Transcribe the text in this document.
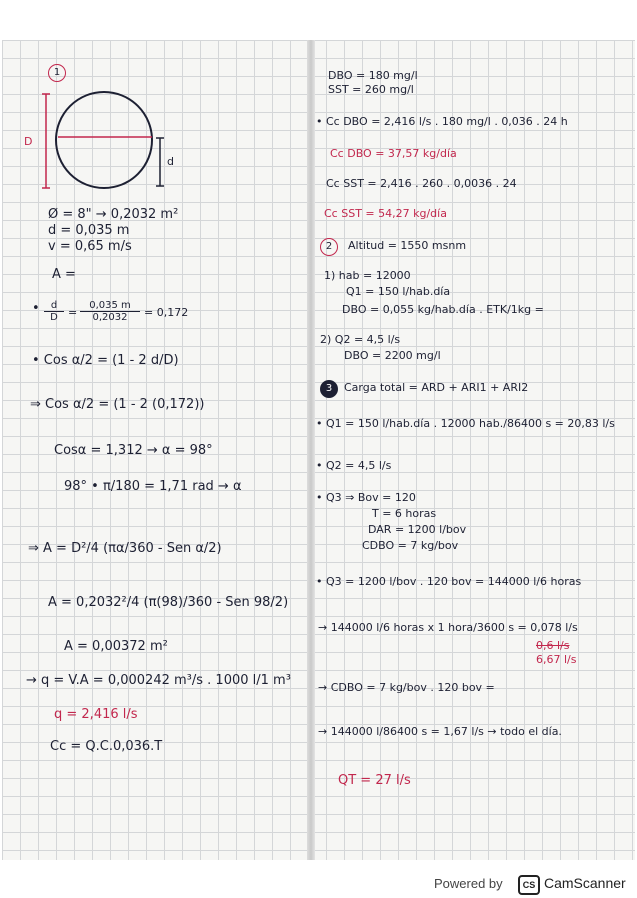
1
D
d
Ø = 8" → 0,2032 m²
d = 0,035 m
v = 0,65 m/s
A =
• $\frac{d}{D} = \frac{0,035 m}{0,2032} = 0,172$
• Cos α/2 = (1 - 2 d/D)
⇒ Cos α/2 = (1 - 2 (0,172))
Cosα = 1,312 → α = 98°
98° • π/180 = 1,71 rad → α
⇒ A = D²/4 (πα/360 - Sen α/2)
A = 0,2032²/4 (π(98)/360 - Sen 98/2)
A = 0,00372 m²
→ q = V.A = 0,000242 m³/s . 1000 l/1 m³
q = 2,416 l/s
Cc = Q.C.0,036.T
DBO = 180 mg/l
SST = 260 mg/l
• Cc DBO = 2,416 l/s . 180 mg/l . 0,036 . 24 h
Cc DBO = 37,57 kg/día
Cc SST = 2,416 . 260 . 0,0036 . 24
Cc SST = 54,27 kg/día
2	Altitud = 1550 msnm
1) hab = 12000
Q1 = 150 l/hab.día
DBO = 0,055 kg/hab.día . ETK/1kg =
2) Q2 = 4,5 l/s
DBO = 2200 mg/l
3	Carga total = ARD + ARI1 + ARI2
• Q1 = 150 l/hab.día . 12000 hab./86400 s = 20,83 l/s
• Q2 = 4,5 l/s
• Q3 ⇒ Bov = 120
T = 6 horas
DAR = 1200 l/bov
CDBO = 7 kg/bov
• Q3 = 1200 l/bov . 120 bov = 144000 l/6 horas
→ 144000 l/6 horas x 1 hora/3600 s = 0,078 l/s
0,6 l/s
6,67 l/s
→ CDBO = 7 kg/bov . 120 bov =
→ 144000 l/86400 s = 1,67 l/s → todo el día.
QT = 27 l/s
Powered by	CS CamScanner
